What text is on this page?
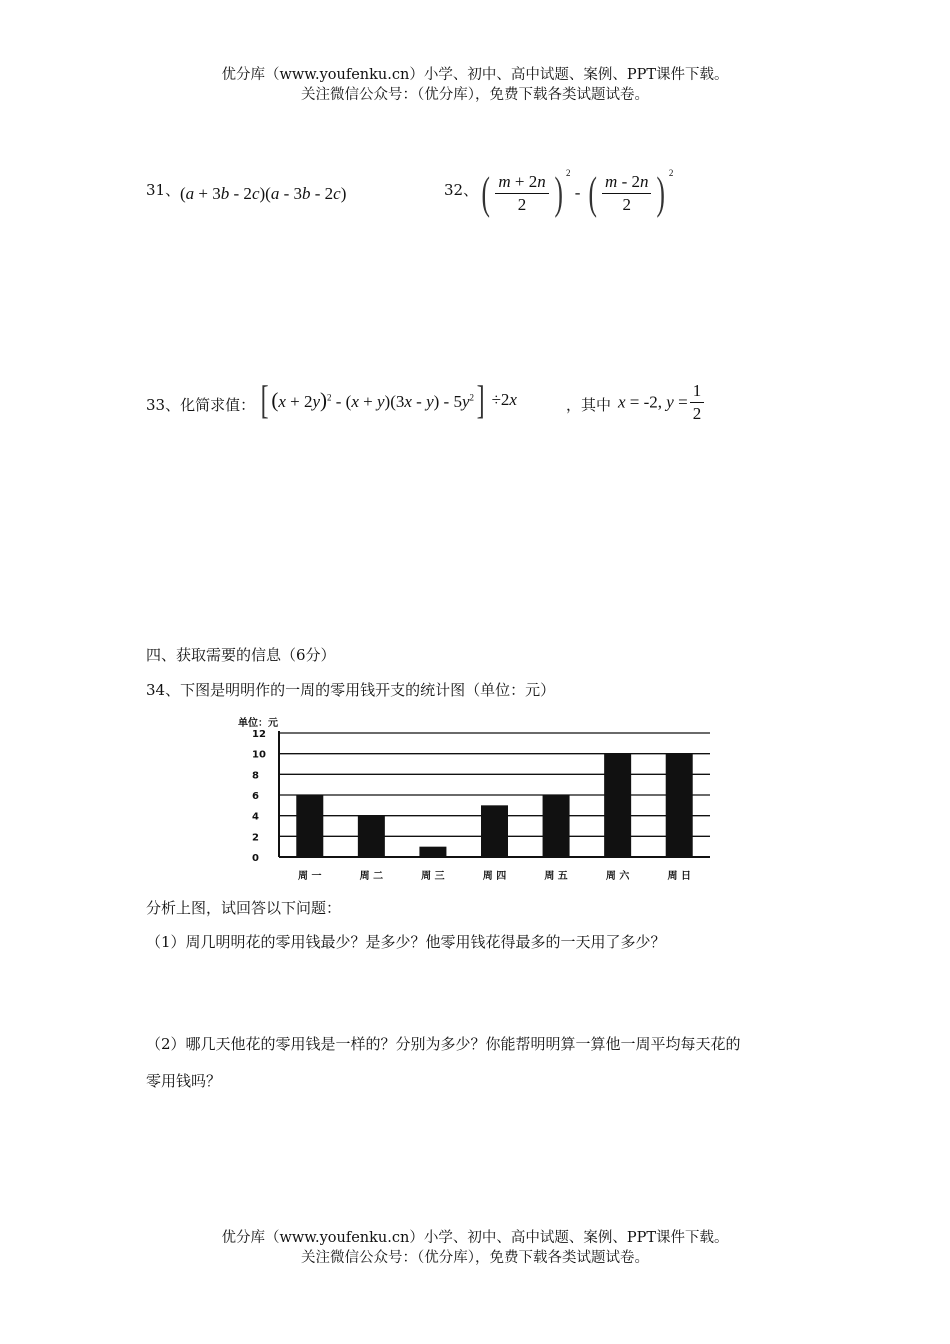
优分库（www.youfenku.cn）小学、初中、高中试题、案例、PPT课件下载。
关注微信公众号：（优分库），免费下载各类试题试卷。
31、 (a + 3b - 2c)(a - 3b - 2c)	32、 ( $\frac{m + 2n}{2}$ ) $^2$ - ( $\frac{m - 2n}{2}$ ) $^2$
33、化简求值： [ $(x + 2y)^2 - (x + y)(3x - y) - 5y^2] \div 2x$	，其中 x = -2, $y = \frac{1}{2}$
四、获取需要的信息（6分）
34、下图是明明作的一周的零用钱开支的统计图（单位：元）
0
2
4
6
8
10
12
周 一	周 二	周 三	周 四	周 五	周 六	周 日
单位：元
分析上图，试回答以下问题：
（1）周几明明花的零用钱最少？是多少？他零用钱花得最多的一天用了多少？
（2）哪几天他花的零用钱是一样的？分别为多少？你能帮明明算一算他一周平均每天花的
零用钱吗？
优分库（www.youfenku.cn）小学、初中、高中试题、案例、PPT课件下载。
关注微信公众号：（优分库），免费下载各类试题试卷。
